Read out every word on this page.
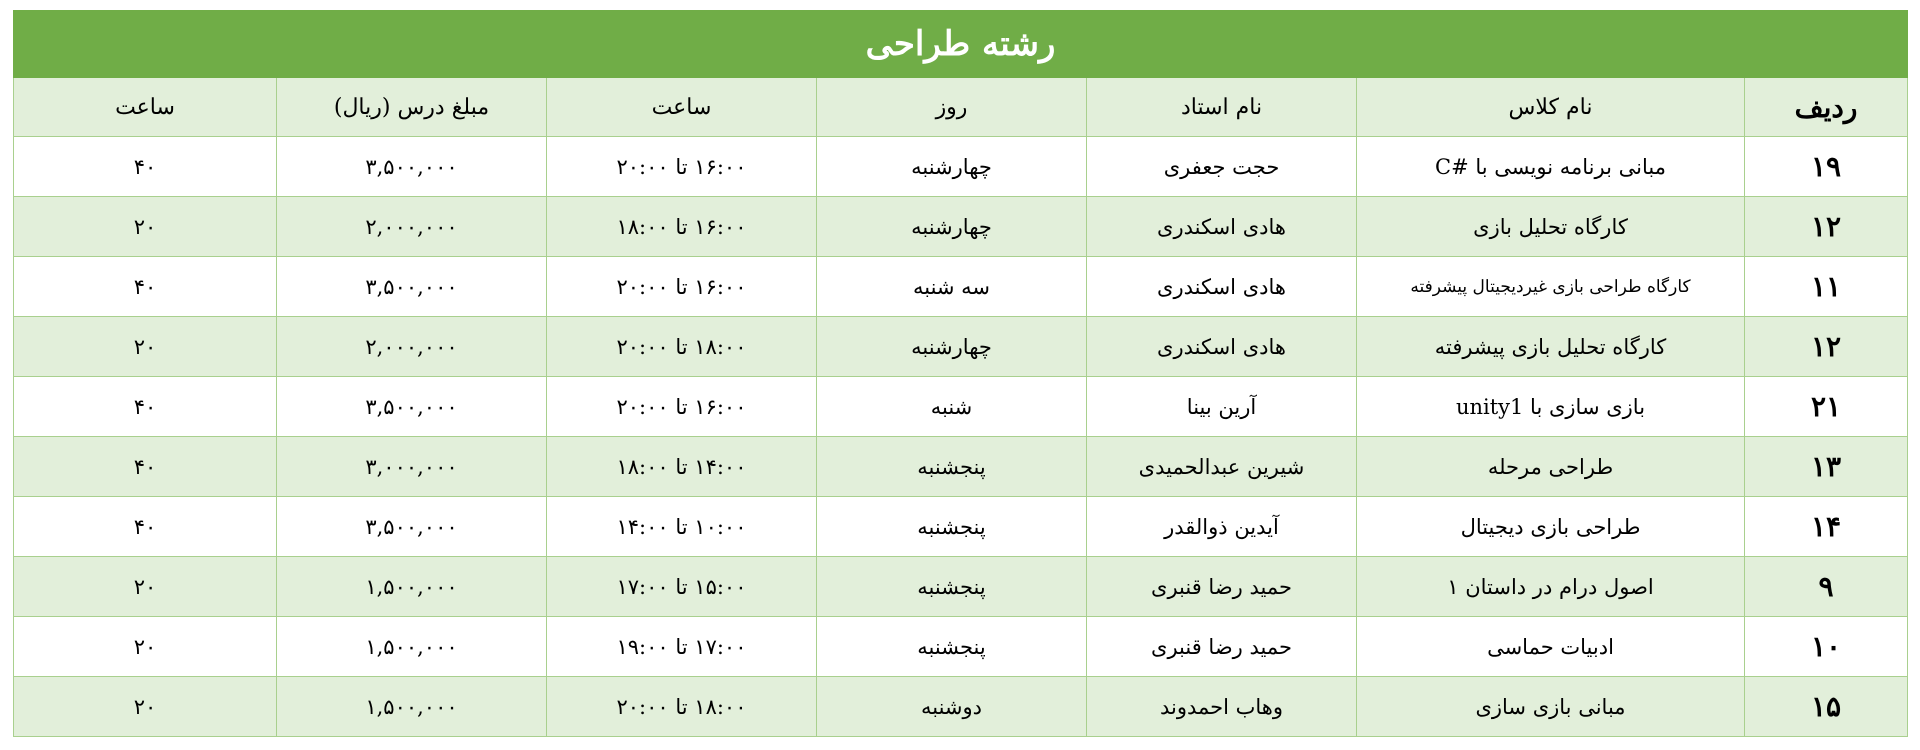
رشته طراحی						
ردیف	نام کلاس	نام استاد	روز	ساعت	مبلغ درس (ریال)	ساعت
۱۹	مبانی برنامه نویسی با #C	حجت جعفری	چهارشنبه	۱۶:۰۰ تا ۲۰:۰۰	۳,۵۰۰,۰۰۰	۴۰
۱۲	کارگاه تحلیل بازی	هادی اسکندری	چهارشنبه	۱۶:۰۰ تا ۱۸:۰۰	۲,۰۰۰,۰۰۰	۲۰
۱۱	کارگاه طراحی بازی غیردیجیتال پیشرفته	هادی اسکندری	سه شنبه	۱۶:۰۰ تا ۲۰:۰۰	۳,۵۰۰,۰۰۰	۴۰
۱۲	کارگاه تحلیل بازی پیشرفته	هادی اسکندری	چهارشنبه	۱۸:۰۰ تا ۲۰:۰۰	۲,۰۰۰,۰۰۰	۲۰
۲۱	بازی سازی با unity1	آرین بینا	شنبه	۱۶:۰۰ تا ۲۰:۰۰	۳,۵۰۰,۰۰۰	۴۰
۱۳	طراحی مرحله	شیرین عبدالحمیدی	پنجشنبه	۱۴:۰۰ تا ۱۸:۰۰	۳,۰۰۰,۰۰۰	۴۰
۱۴	طراحی بازی دیجیتال	آیدین ذوالقدر	پنجشنبه	۱۰:۰۰ تا ۱۴:۰۰	۳,۵۰۰,۰۰۰	۴۰
۹	اصول درام در داستان ۱	حمید رضا قنبری	پنجشنبه	۱۵:۰۰ تا ۱۷:۰۰	۱,۵۰۰,۰۰۰	۲۰
۱۰	ادبیات حماسی	حمید رضا قنبری	پنجشنبه	۱۷:۰۰ تا ۱۹:۰۰	۱,۵۰۰,۰۰۰	۲۰
۱۵	مبانی بازی سازی	وهاب احمدوند	دوشنبه	۱۸:۰۰ تا ۲۰:۰۰	۱,۵۰۰,۰۰۰	۲۰
